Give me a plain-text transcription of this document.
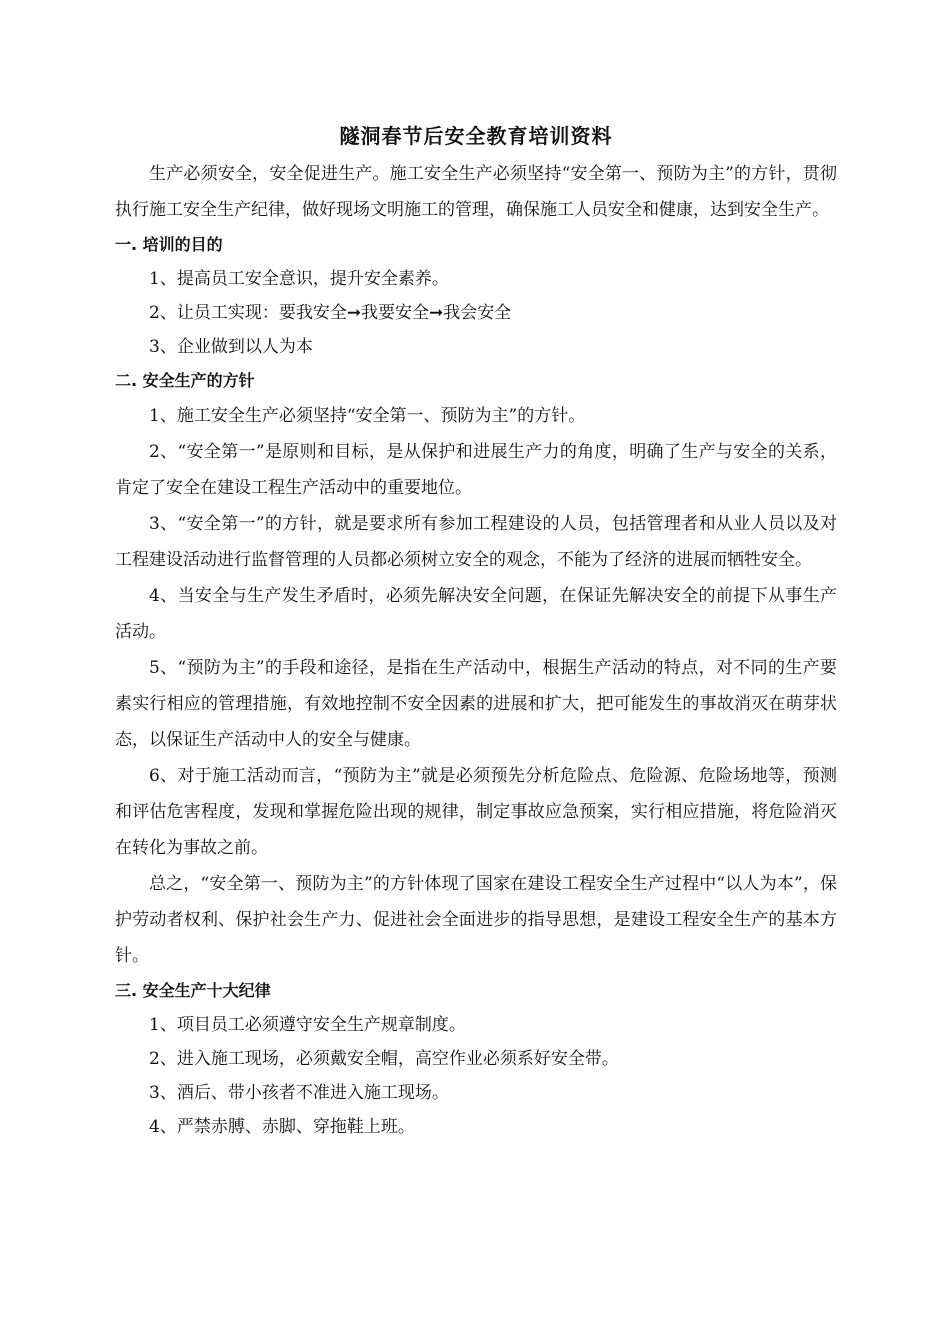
隧洞春节后安全教育培训资料

生产必须安全，安全促进生产。施工安全生产必须坚持“安全第一、预防为主”的方针，贯彻执行施工安全生产纪律，做好现场文明施工的管理，确保施工人员安全和健康，达到安全生产。

一. 培训的目的

1、提高员工安全意识，提升安全素养。

2、让员工实现：要我安全➞我要安全➞我会安全

3、企业做到以人为本

二. 安全生产的方针

1、施工安全生产必须坚持“安全第一、预防为主”的方针。

2、“安全第一”是原则和目标，是从保护和进展生产力的角度，明确了生产与安全的关系，肯定了安全在建设工程生产活动中的重要地位。

3、“安全第一”的方针，就是要求所有参加工程建设的人员，包括管理者和从业人员以及对工程建设活动进行监督管理的人员都必须树立安全的观念，不能为了经济的进展而牺牲安全。

4、当安全与生产发生矛盾时，必须先解决安全问题，在保证先解决安全的前提下从事生产活动。

5、“预防为主”的手段和途径，是指在生产活动中，根据生产活动的特点，对不同的生产要素实行相应的管理措施，有效地控制不安全因素的进展和扩大，把可能发生的事故消灭在萌芽状态，以保证生产活动中人的安全与健康。

6、对于施工活动而言，“预防为主”就是必须预先分析危险点、危险源、危险场地等，预测和评估危害程度，发现和掌握危险出现的规律，制定事故应急预案，实行相应措施，将危险消灭在转化为事故之前。

总之，“安全第一、预防为主”的方针体现了国家在建设工程安全生产过程中“以人为本”，保护劳动者权利、保护社会生产力、促进社会全面进步的指导思想，是建设工程安全生产的基本方针。

三. 安全生产十大纪律

1、项目员工必须遵守安全生产规章制度。

2、进入施工现场，必须戴安全帽，高空作业必须系好安全带。

3、酒后、带小孩者不准进入施工现场。

4、严禁赤膊、赤脚、穿拖鞋上班。
